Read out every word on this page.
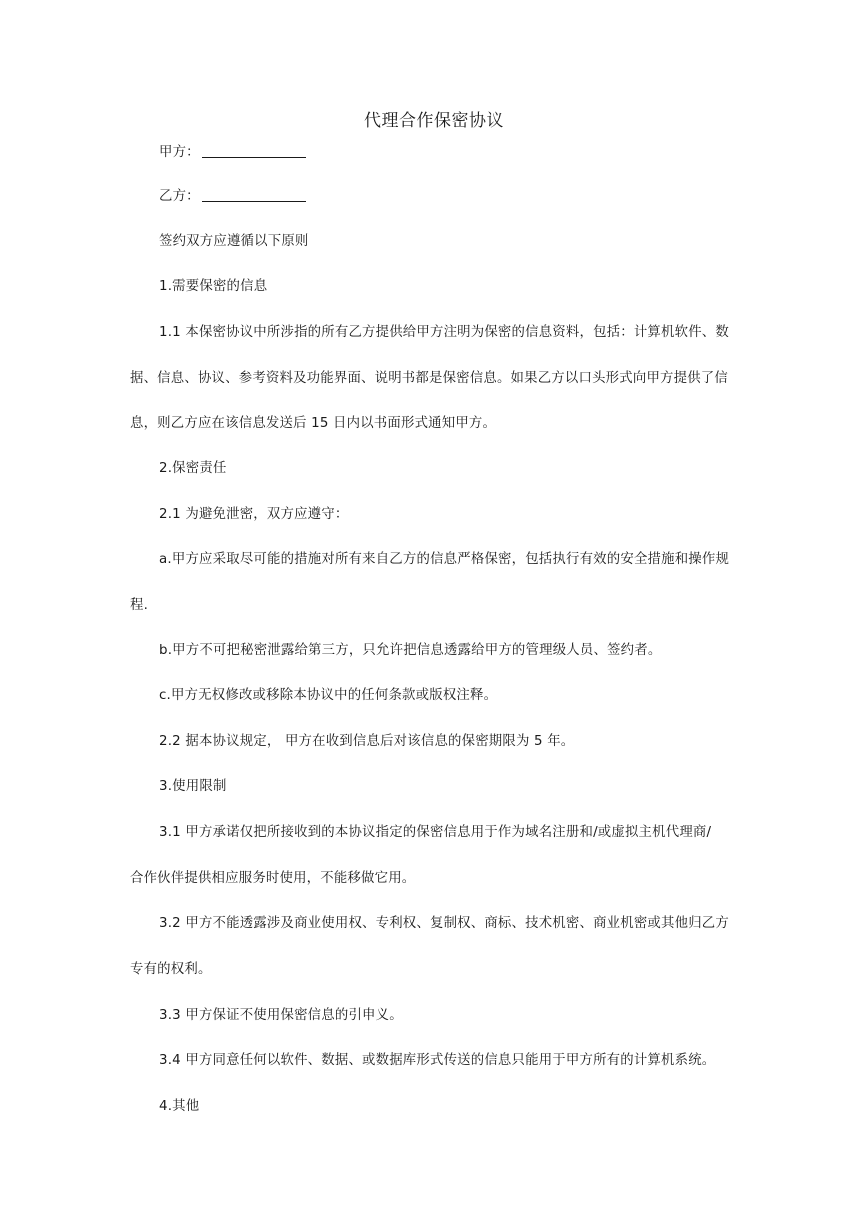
代理合作保密协议
甲方：
乙方：
签约双方应遵循以下原则
1.需要保密的信息
1.1 本保密协议中所涉指的所有乙方提供给甲方注明为保密的信息资料，包括：计算机软件、数
据、信息、协议、参考资料及功能界面、说明书都是保密信息。如果乙方以口头形式向甲方提供了信
息，则乙方应在该信息发送后 15 日内以书面形式通知甲方。
2.保密责任
2.1 为避免泄密，双方应遵守：
a.甲方应采取尽可能的措施对所有来自乙方的信息严格保密，包括执行有效的安全措施和操作规
程.
b.甲方不可把秘密泄露给第三方，只允许把信息透露给甲方的管理级人员、签约者。
c.甲方无权修改或移除本协议中的任何条款或版权注释。
2.2 据本协议规定， 甲方在收到信息后对该信息的保密期限为 5 年。
3.使用限制
3.1 甲方承诺仅把所接收到的本协议指定的保密信息用于作为域名注册和/或虚拟主机代理商/
合作伙伴提供相应服务时使用，不能移做它用。
3.2 甲方不能透露涉及商业使用权、专利权、复制权、商标、技术机密、商业机密或其他归乙方
专有的权利。
3.3 甲方保证不使用保密信息的引申义。
3.4 甲方同意任何以软件、数据、或数据库形式传送的信息只能用于甲方所有的计算机系统。
4.其他
